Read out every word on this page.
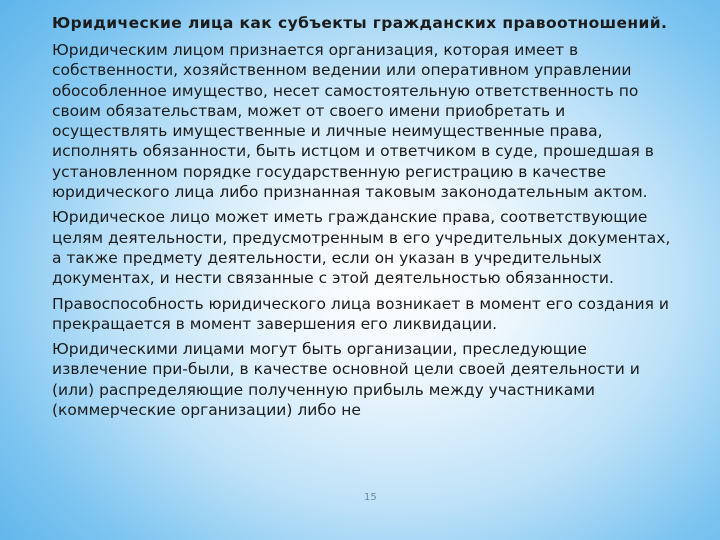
Юридические лица как субъекты гражданских правоотношений.

Юридическим лицом признается организация, которая имеет в собственности, хозяйственном ведении или оперативном управлении обособленное имущество, несет самостоятельную ответственность по своим обязательствам, может от своего имени приобретать и осуществлять имущественные и личные неимущественные права, исполнять обязанности, быть истцом и ответчиком в суде, прошедшая в установленном порядке государственную регистрацию в качестве юридического лица либо признанная таковым законодательным актом.

Юридическое лицо может иметь гражданские права, соответствующие целям деятельности, предусмотренным в его учредительных документах, а также предмету деятельности, если он указан в учредительных документах, и нести связанные с этой деятельностью обязанности.

Правоспособность юридического лица возникает в момент его создания и прекращается в момент завершения его ликвидации.

Юридическими лицами могут быть организации, преследующие извлечение при-были, в качестве основной цели своей деятельности и (или) распределяющие полученную прибыль между участниками (коммерческие организации) либо не

15
